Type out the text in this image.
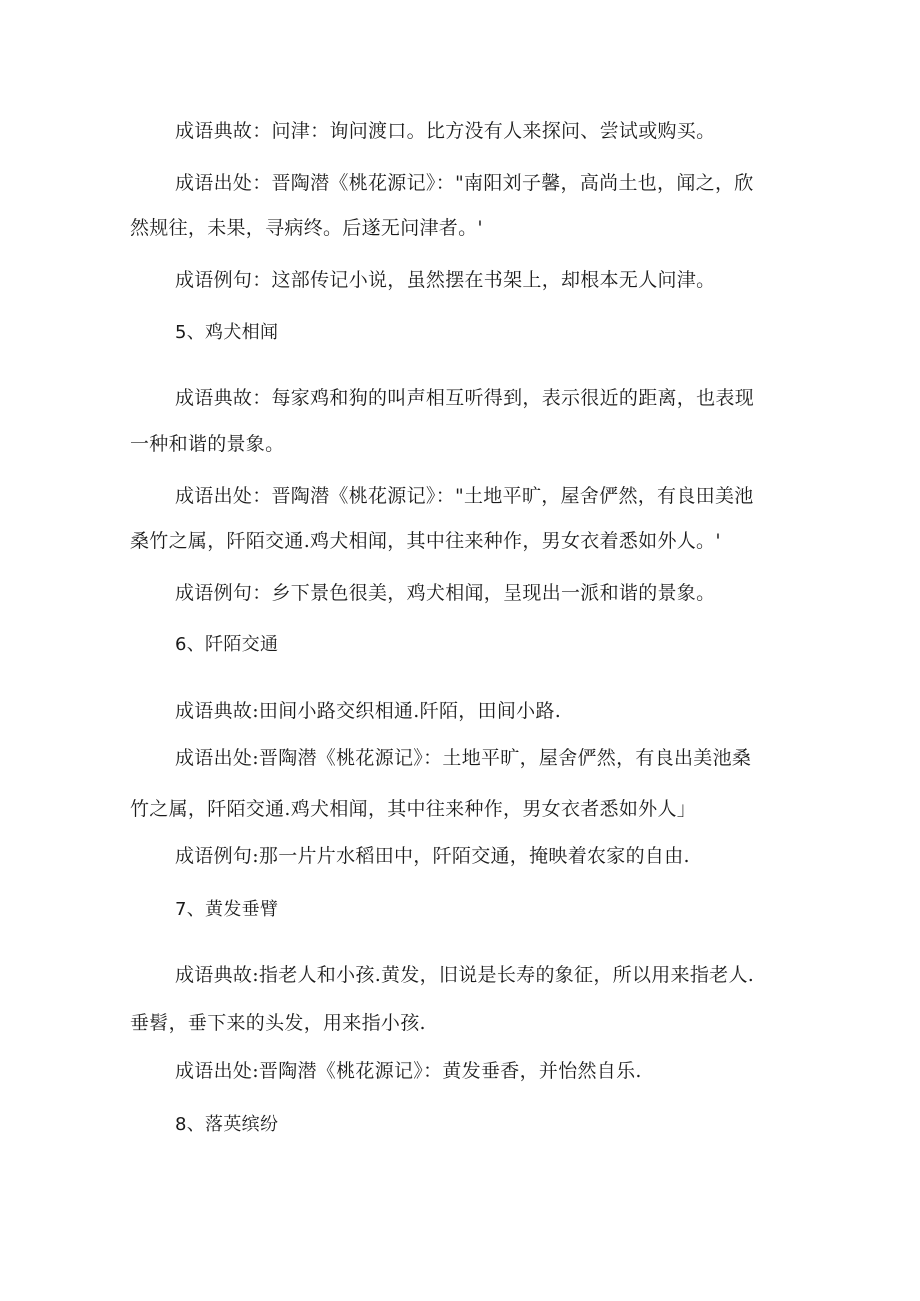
成语典故：问津：询问渡口。比方没有人来探问、尝试或购买。
成语出处：晋陶潜《桃花源记》："南阳刘子馨，高尚土也，闻之，欣
然规往，未果，寻病终。后遂无问津者。'
成语例句：这部传记小说，虽然摆在书架上，却根本无人问津。
5、鸡犬相闻
成语典故：每家鸡和狗的叫声相互听得到，表示很近的距离，也表现
一种和谐的景象。
成语出处：晋陶潜《桃花源记》："土地平旷，屋舍俨然，有良田美池
桑竹之属，阡陌交通.鸡犬相闻，其中往来种作，男女衣着悉如外人。'
成语例句：乡下景色很美，鸡犬相闻，呈现出一派和谐的景象。
6、阡陌交通
成语典故:田间小路交织相通.阡陌，田间小路.
成语出处:晋陶潜《桃花源记》：土地平旷，屋舍俨然，有良出美池桑
竹之属，阡陌交通.鸡犬相闻，其中往来种作，男女衣者悉如外人」
成语例句:那一片片水稻田中，阡陌交通，掩映着农家的自由.
7、黄发垂臂
成语典故:指老人和小孩.黄发，旧说是长寿的象征，所以用来指老人.
垂髫，垂下来的头发，用来指小孩.
成语出处:晋陶潜《桃花源记》：黄发垂香，并怡然自乐.
8、落英缤纷
